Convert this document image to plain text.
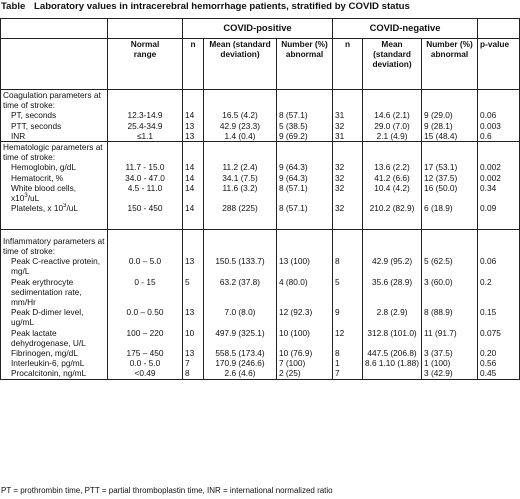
Table Laboratory values in intracerebral hemorrhage patients, stratified by COVID status
		COVID-positive			COVID-negative			
	Normal range	n	Mean (standard deviation)	Number (%) abnormal	n	Mean (standard deviation)	Number (%) abnormal	p-value
Coagulation parameters at time of stroke:								
PT, seconds	12.3-14.9	14	16.5 (4.2)	8 (57.1)	31	14.6 (2.1)	9 (29.0)	0.06
PTT, seconds	25.4-34.9	13	42.9 (23.3)	5 (38.5)	32	29.0 (7.0)	9 (28.1)	0.003
INR	≤1.1	13	1.4 (0.4)	9 (69.2)	31	2.1 (4.9)	15 (48.4)	0.6
Hematologic parameters at time of stroke:								
Hemoglobin, g/dL	11.7 - 15.0	14	11.2 (2.4)	9 (64.3)	32	13.6 (2.2)	17 (53.1)	0.002
Hematocrit, %	34.0 - 47.0	14	34.1 (7.5)	9 (64.3)	32	41.2 (6.6)	12 (37.5)	0.002
White blood cells, $x10^3/uL$	4.5 - 11.0	14	11.6 (3.2)	8 (57.1)	32	10.4 (4.2)	16 (50.0)	0.34
Platelets, x $10^3/uL$	150 - 450	14	288 (225)	8 (57.1)	32	210.2 (82.9)	6 (18.9)	0.09
Inflammatory parameters at time of stroke:								
Peak C-reactive protein, mg/L	0.0 – 5.0	13	150.5 (133.7)	13 (100)	8	42.9 (95.2)	5 (62.5)	0.06
Peak erythrocyte sedimentation rate, mm/Hr	0 - 15	5	63.2 (37.8)	4 (80.0)	5	35.6 (28.9)	3 (60.0)	0.2
Peak D-dimer level, ug/mL	0.0 – 0.50	13	7.0 (8.0)	12 (92.3)	9	2.8 (2.9)	8 (88.9)	0.15
Peak lactate dehydrogenase, U/L	100 – 220	10	497.9 (325.1)	10 (100)	12	312.8 (101.0)	11 (91.7)	0.075
Fibrinogen, mg/dL	175 – 450	13	558.5 (173.4)	10 (76.9)	8	447.5 (206.8)	3 (37.5)	0.20
Interleukin-6, pg/mL	0.0 - 5.0	7	170.9 (246.6)	7 (100)	1	8.6 1.10 (1.88)	1 (100)	0.56
Procalcitonin, ng/mL	<0.49	8	2.6 (4.6)	2 (25)	7		3 (42.9)	0.45
PT = prothrombin time, PTT = partial thromboplastin time, INR = international normalized ratio
